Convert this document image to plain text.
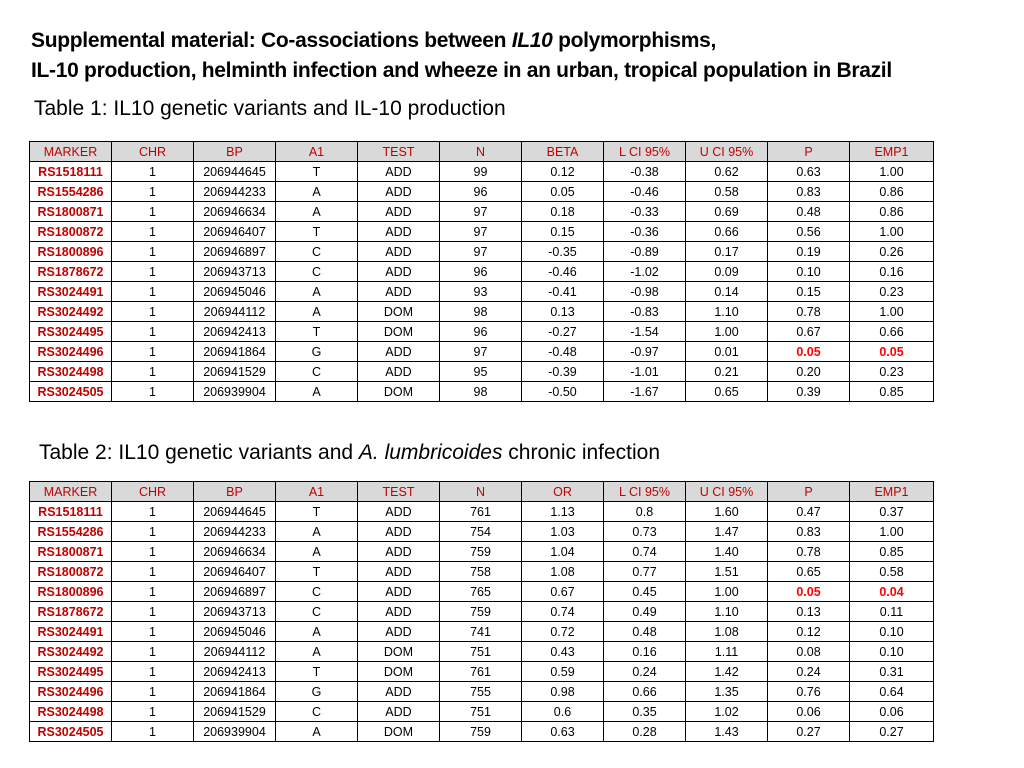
Supplemental material: Co-associations between IL10 polymorphisms,
IL-10 production, helminth infection and wheeze in an urban, tropical population in Brazil
Table 1: IL10 genetic variants and IL-10 production
MARKER	CHR	BP	A1	TEST	N	BETA	L CI 95%	U CI 95%	P	EMP1
RS1518111	1	206944645	T	ADD	99	0.12	-0.38	0.62	0.63	1.00
RS1554286	1	206944233	A	ADD	96	0.05	-0.46	0.58	0.83	0.86
RS1800871	1	206946634	A	ADD	97	0.18	-0.33	0.69	0.48	0.86
RS1800872	1	206946407	T	ADD	97	0.15	-0.36	0.66	0.56	1.00
RS1800896	1	206946897	C	ADD	97	-0.35	-0.89	0.17	0.19	0.26
RS1878672	1	206943713	C	ADD	96	-0.46	-1.02	0.09	0.10	0.16
RS3024491	1	206945046	A	ADD	93	-0.41	-0.98	0.14	0.15	0.23
RS3024492	1	206944112	A	DOM	98	0.13	-0.83	1.10	0.78	1.00
RS3024495	1	206942413	T	DOM	96	-0.27	-1.54	1.00	0.67	0.66
RS3024496	1	206941864	G	ADD	97	-0.48	-0.97	0.01	0.05	0.05
RS3024498	1	206941529	C	ADD	95	-0.39	-1.01	0.21	0.20	0.23
RS3024505	1	206939904	A	DOM	98	-0.50	-1.67	0.65	0.39	0.85
Table 2: IL10 genetic variants and A. lumbricoides chronic infection
MARKER	CHR	BP	A1	TEST	N	OR	L CI 95%	U CI 95%	P	EMP1
RS1518111	1	206944645	T	ADD	761	1.13	0.8	1.60	0.47	0.37
RS1554286	1	206944233	A	ADD	754	1.03	0.73	1.47	0.83	1.00
RS1800871	1	206946634	A	ADD	759	1.04	0.74	1.40	0.78	0.85
RS1800872	1	206946407	T	ADD	758	1.08	0.77	1.51	0.65	0.58
RS1800896	1	206946897	C	ADD	765	0.67	0.45	1.00	0.05	0.04
RS1878672	1	206943713	C	ADD	759	0.74	0.49	1.10	0.13	0.11
RS3024491	1	206945046	A	ADD	741	0.72	0.48	1.08	0.12	0.10
RS3024492	1	206944112	A	DOM	751	0.43	0.16	1.11	0.08	0.10
RS3024495	1	206942413	T	DOM	761	0.59	0.24	1.42	0.24	0.31
RS3024496	1	206941864	G	ADD	755	0.98	0.66	1.35	0.76	0.64
RS3024498	1	206941529	C	ADD	751	0.6	0.35	1.02	0.06	0.06
RS3024505	1	206939904	A	DOM	759	0.63	0.28	1.43	0.27	0.27
